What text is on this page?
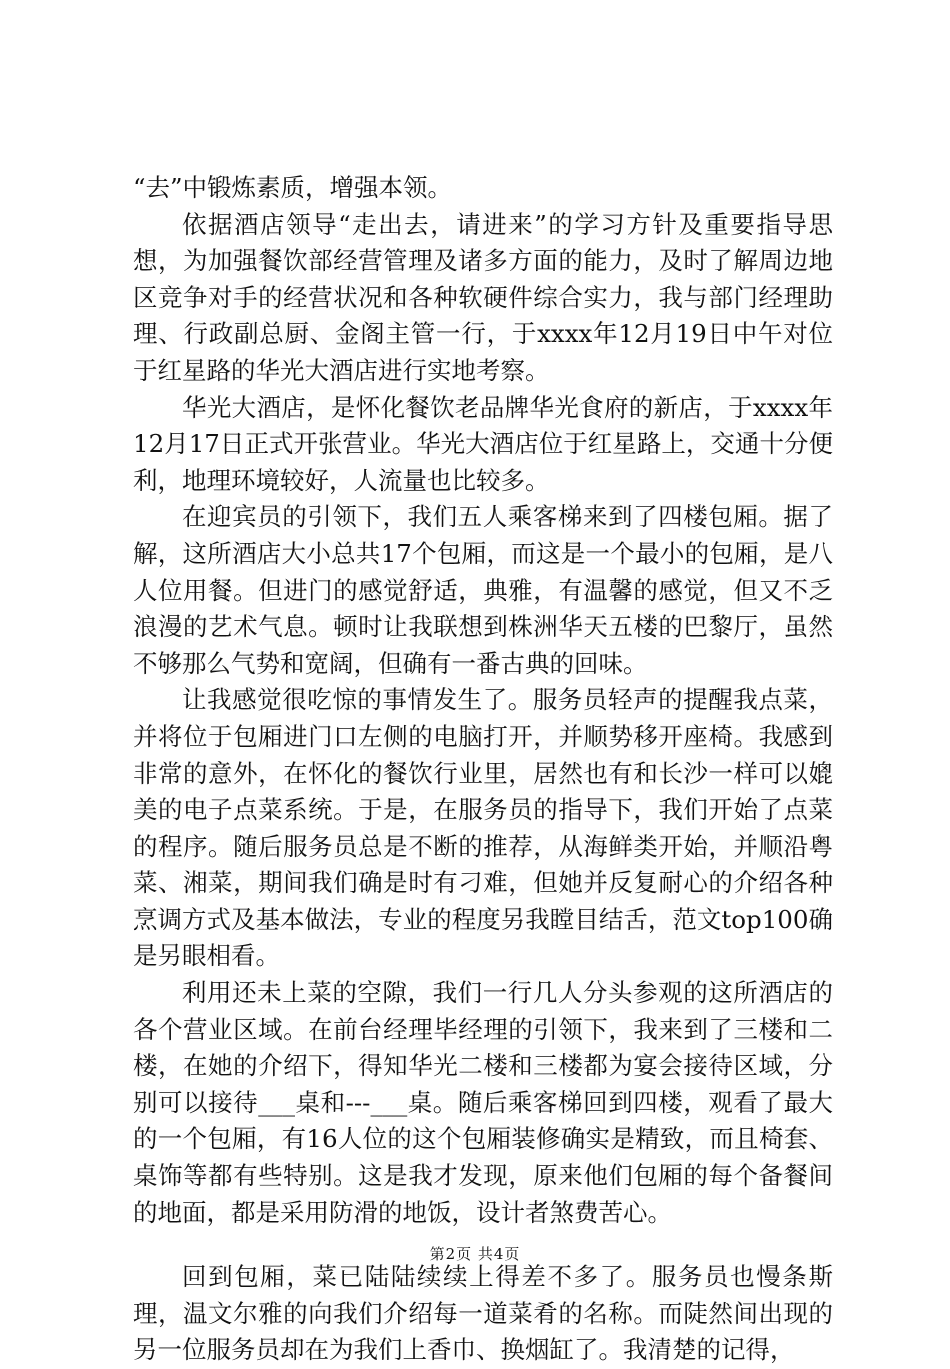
“去”中锻炼素质，增强本领。

依据酒店领导“走出去，请进来”的学习方针及重要指导思想，为加强餐饮部经营管理及诸多方面的能力，及时了解周边地区竞争对手的经营状况和各种软硬件综合实力，我与部门经理助理、行政副总厨、金阁主管一行，于xxxx年12月19日中午对位于红星路的华光大酒店进行实地考察。

华光大酒店，是怀化餐饮老品牌华光食府的新店，于xxxx年12月17日正式开张营业。华光大酒店位于红星路上，交通十分便利，地理环境较好，人流量也比较多。

在迎宾员的引领下，我们五人乘客梯来到了四楼包厢。据了解，这所酒店大小总共17个包厢，而这是一个最小的包厢，是八人位用餐。但进门的感觉舒适，典雅，有温馨的感觉，但又不乏浪漫的艺术气息。顿时让我联想到株洲华天五楼的巴黎厅，虽然不够那么气势和宽阔，但确有一番古典的回味。

让我感觉很吃惊的事情发生了。服务员轻声的提醒我点菜，并将位于包厢进门口左侧的电脑打开，并顺势移开座椅。我感到非常的意外，在怀化的餐饮行业里，居然也有和长沙一样可以媲美的电子点菜系统。于是，在服务员的指导下，我们开始了点菜的程序。随后服务员总是不断的推荐，从海鲜类开始，并顺沿粤菜、湘菜，期间我们确是时有刁难，但她并反复耐心的介绍各种烹调方式及基本做法，专业的程度另我瞠目结舌，范文top100确是另眼相看。

利用还未上菜的空隙，我们一行几人分头参观的这所酒店的各个营业区域。在前台经理毕经理的引领下，我来到了三楼和二楼，在她的介绍下，得知华光二楼和三楼都为宴会接待区域，分别可以接待___桌和---___桌。随后乘客梯回到四楼，观看了最大的一个包厢，有16人位的这个包厢装修确实是精致，而且椅套、桌饰等都有些特别。这是我才发现，原来他们包厢的每个备餐间的地面，都是采用防滑的地饭，设计者煞费苦心。

回到包厢，菜已陆陆续续上得差不多了。服务员也慢条斯理，温文尔雅的向我们介绍每一道菜肴的名称。而陡然间出现的另一位服务员却在为我们上香巾、换烟缸了。我清楚的记得，

第2页 共4页
